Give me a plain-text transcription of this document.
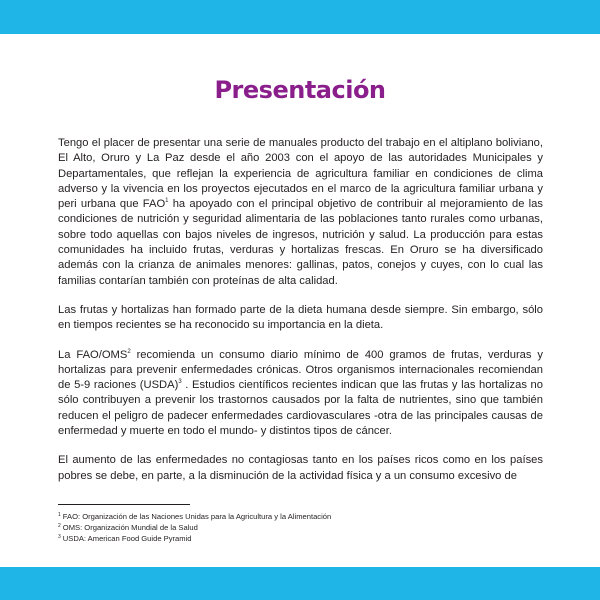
Presentación

Tengo el placer de presentar una serie de manuales producto del trabajo en el altiplano boliviano, El Alto, Oruro y La Paz desde el año 2003 con el apoyo de las autoridades Municipales y Departamentales, que reflejan la experiencia de agricultura familiar en condiciones de clima adverso y la vivencia en los proyectos ejecutados en el marco de la agricultura familiar urbana y peri urbana que FAO$^1$ ha apoyado con el principal objetivo de contribuir al mejoramiento de las condiciones de nutrición y seguridad alimentaria de las poblaciones tanto rurales como urbanas, sobre todo aquellas con bajos niveles de ingresos, nutrición y salud. La producción para estas comunidades ha incluido frutas, verduras y hortalizas frescas. En Oruro se ha diversificado además con la crianza de animales menores: gallinas, patos, conejos y cuyes, con lo cual las familias contarían también con proteínas de alta calidad.

Las frutas y hortalizas han formado parte de la dieta humana desde siempre. Sin embargo, sólo en tiempos recientes se ha reconocido su importancia en la dieta.

La FAO/OMS$^2$ recomienda un consumo diario mínimo de 400 gramos de frutas, verduras y hortalizas para prevenir enfermedades crónicas. Otros organismos internacionales recomiendan de 5-9 raciones (USDA)$^3$ . Estudios científicos recientes indican que las frutas y las hortalizas no sólo contribuyen a prevenir los trastornos causados por la falta de nutrientes, sino que también reducen el peligro de padecer enfermedades cardiovasculares -otra de las principales causas de enfermedad y muerte en todo el mundo- y distintos tipos de cáncer.

El aumento de las enfermedades no contagiosas tanto en los países ricos como en los países pobres se debe, en parte, a la disminución de la actividad física y a un consumo excesivo de

$^1$ FAO: Organización de las Naciones Unidas para la Agricultura y la Alimentación
$^2$ OMS: Organización Mundial de la Salud
$^3$ USDA: American Food Guide Pyramid
